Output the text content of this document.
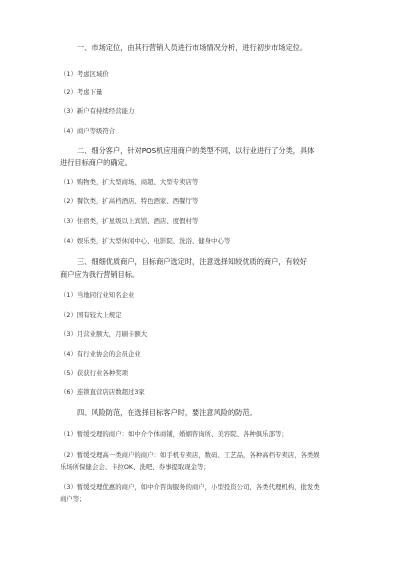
一、市场定位，由其行营销人员进行市场情况分析，进行初步市场定位。
（1）考虑区域价
（2）考虑下量
（3）新户有持续经营能力
（4）商户等级符合
二、细分客户，针对POS机应用商户的类型不同，以行业进行了分类，具体
进行目标商户的确定。
（1）购物类，扩大型商场、商超、大型专卖店等
（2）餐饮类，扩高档酒店、特色酒家、西餐厅等
（3）住宿类，扩星级以上宾馆、酒店、度假村等
（4）娱乐类，扩大型休闲中心、电影院、洗浴、健身中心等
三、细细优质商户，目标商户选定时，注意选择知较优质的商户，有较好
商户应为我行营销目标。
（1）当地同行业知名企业
（2）国有较大上规定
（3）月营业额大，月刷卡额大
（4）有行业协会的会员企业
（5）获获行业各种奖项
（6）连锁直营店店数超过3家
四、风险防范，在选择目标客户时，要注意风险的防范。
（1）暂缓受理的商户：如中介个体商铺，婚姻咨询所、美容院、各种俱乐部等；
（2）暂缓受理高一类商户的商户：如手机专卖店，数码、工艺品，各种高档专卖店，各类娱
乐场所保健会会、卡拉OK、洗吧、券事提取现金等；
（3）暂缓受理优惠的商户，如中介咨询服务的商户，小型投资公司，各类代理机构，批发类
商户等；
